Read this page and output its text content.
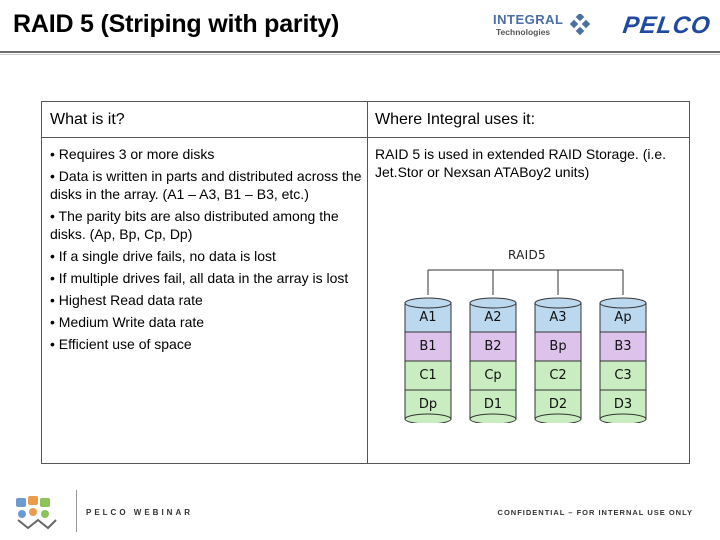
RAID 5 (Striping with parity)	INTEGRAL
Technologies	PELCO
What is it?	Where Integral uses it:
• Requires 3 or more disks
• Data is written in parts and distributed across the disks in the array. (A1 – A3, B1 – B3, etc.)
• The parity bits are also distributed among the disks. (Ap, Bp, Cp, Dp)
• If a single drive fails, no data is lost
• If multiple drives fail, all data in the array is lost
• Highest Read data rate
• Medium Write data rate
• Efficient use of space
RAID 5 is used in extended RAID Storage. (i.e. Jet.Stor or Nexsan ATABoy2 units)
RAID5
A1
B1
C1
Dp
A2
B2
Cp
D1
A3
Bp
C2
D2
Ap
B3
C3
D3
PELCO WEBINAR	CONFIDENTIAL – FOR INTERNAL USE ONLY
